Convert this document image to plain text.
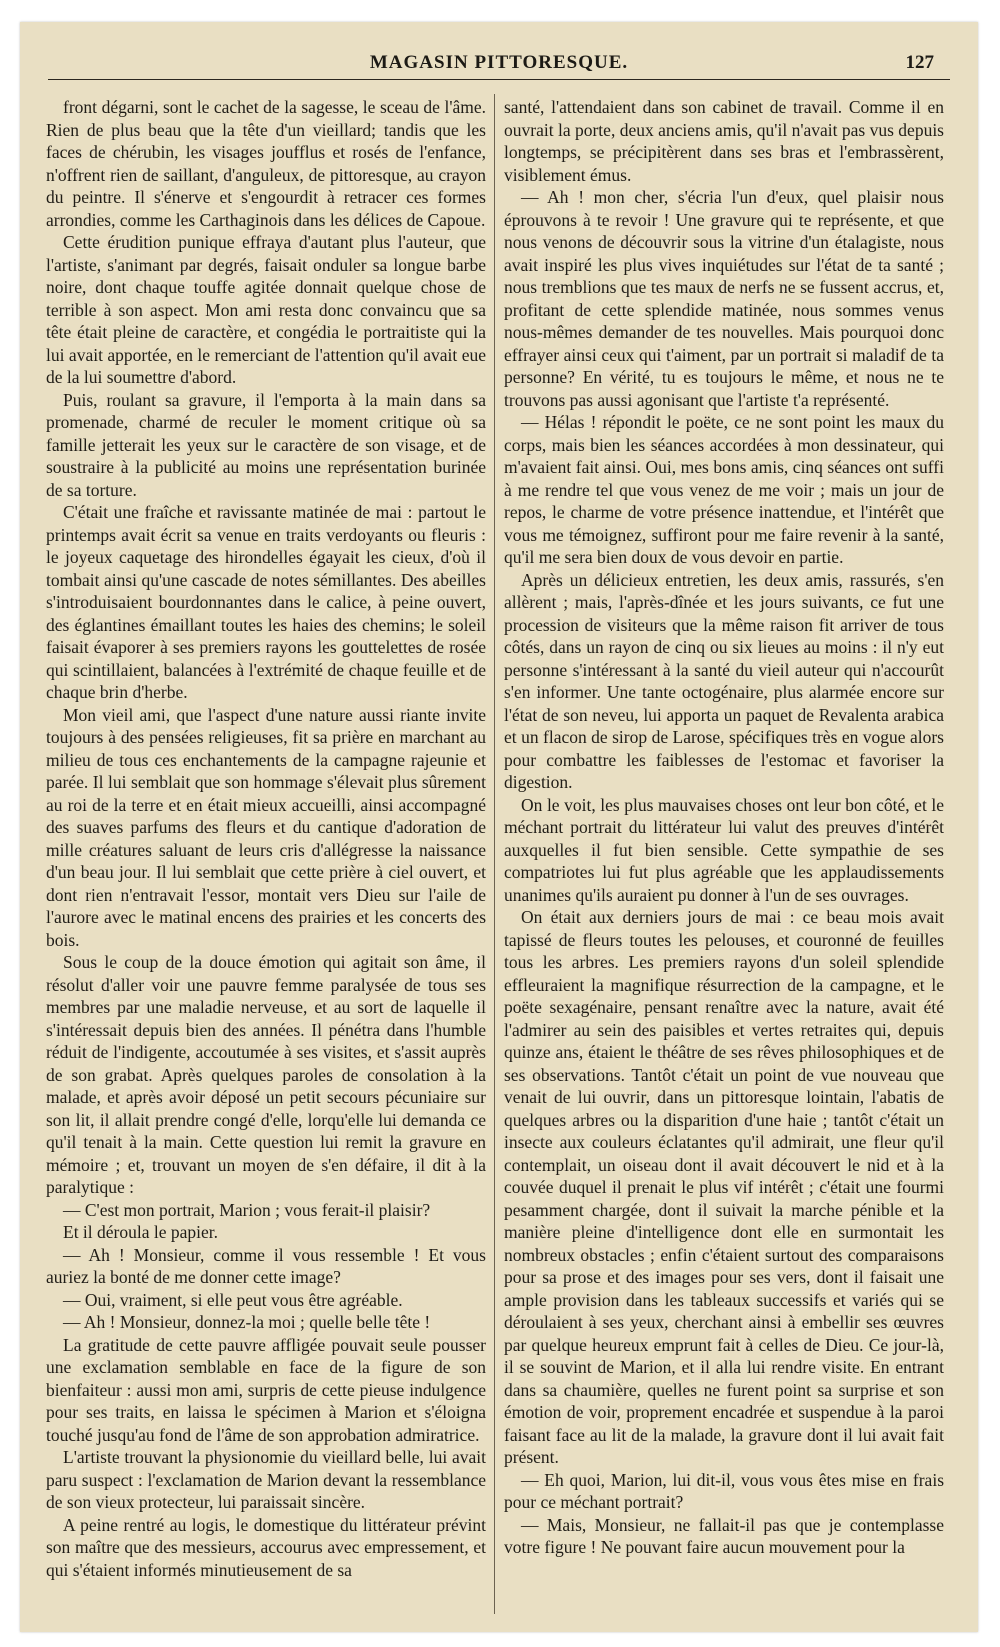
MAGASIN PITTORESQUE.	127

front dégarni, sont le cachet de la sagesse, le sceau de l'âme. Rien de plus beau que la tête d'un vieillard; tandis que les faces de chérubin, les visages joufflus et rosés de l'enfance, n'offrent rien de saillant, d'anguleux, de pittoresque, au crayon du peintre. Il s'énerve et s'engourdit à retracer ces formes arrondies, comme les Carthaginois dans les délices de Capoue.

Cette érudition punique effraya d'autant plus l'auteur, que l'artiste, s'animant par degrés, faisait onduler sa longue barbe noire, dont chaque touffe agitée donnait quelque chose de terrible à son aspect. Mon ami resta donc convaincu que sa tête était pleine de caractère, et congédia le portraitiste qui la lui avait apportée, en le remerciant de l'attention qu'il avait eue de la lui soumettre d'abord.

Puis, roulant sa gravure, il l'emporta à la main dans sa promenade, charmé de reculer le moment critique où sa famille jetterait les yeux sur le caractère de son visage, et de soustraire à la publicité au moins une représentation burinée de sa torture.

C'était une fraîche et ravissante matinée de mai : partout le printemps avait écrit sa venue en traits verdoyants ou fleuris : le joyeux caquetage des hirondelles égayait les cieux, d'où il tombait ainsi qu'une cascade de notes sémillantes. Des abeilles s'introduisaient bourdonnantes dans le calice, à peine ouvert, des églantines émaillant toutes les haies des chemins; le soleil faisait évaporer à ses premiers rayons les gouttelettes de rosée qui scintillaient, balancées à l'extrémité de chaque feuille et de chaque brin d'herbe.

Mon vieil ami, que l'aspect d'une nature aussi riante invite toujours à des pensées religieuses, fit sa prière en marchant au milieu de tous ces enchantements de la campagne rajeunie et parée. Il lui semblait que son hommage s'élevait plus sûrement au roi de la terre et en était mieux accueilli, ainsi accompagné des suaves parfums des fleurs et du cantique d'adoration de mille créatures saluant de leurs cris d'allégresse la naissance d'un beau jour. Il lui semblait que cette prière à ciel ouvert, et dont rien n'entravait l'essor, montait vers Dieu sur l'aile de l'aurore avec le matinal encens des prairies et les concerts des bois.

Sous le coup de la douce émotion qui agitait son âme, il résolut d'aller voir une pauvre femme paralysée de tous ses membres par une maladie nerveuse, et au sort de laquelle il s'intéressait depuis bien des années. Il pénétra dans l'humble réduit de l'indigente, accoutumée à ses visites, et s'assit auprès de son grabat. Après quelques paroles de consolation à la malade, et après avoir déposé un petit secours pécuniaire sur son lit, il allait prendre congé d'elle, lorqu'elle lui demanda ce qu'il tenait à la main. Cette question lui remit la gravure en mémoire ; et, trouvant un moyen de s'en défaire, il dit à la paralytique :

— C'est mon portrait, Marion ; vous ferait-il plaisir?

Et il déroula le papier.

— Ah ! Monsieur, comme il vous ressemble ! Et vous auriez la bonté de me donner cette image?

— Oui, vraiment, si elle peut vous être agréable.

— Ah ! Monsieur, donnez-la moi ; quelle belle tête !

La gratitude de cette pauvre affligée pouvait seule pousser une exclamation semblable en face de la figure de son bienfaiteur : aussi mon ami, surpris de cette pieuse indulgence pour ses traits, en laissa le spécimen à Marion et s'éloigna touché jusqu'au fond de l'âme de son approbation admiratrice.

L'artiste trouvant la physionomie du vieillard belle, lui avait paru suspect : l'exclamation de Marion devant la ressemblance de son vieux protecteur, lui paraissait sincère.

A peine rentré au logis, le domestique du littérateur prévint son maître que des messieurs, accourus avec empressement, et qui s'étaient informés minutieusement de sa

santé, l'attendaient dans son cabinet de travail. Comme il en ouvrait la porte, deux anciens amis, qu'il n'avait pas vus depuis longtemps, se précipitèrent dans ses bras et l'embrassèrent, visiblement émus.

— Ah ! mon cher, s'écria l'un d'eux, quel plaisir nous éprouvons à te revoir ! Une gravure qui te représente, et que nous venons de découvrir sous la vitrine d'un étalagiste, nous avait inspiré les plus vives inquiétudes sur l'état de ta santé ; nous tremblions que tes maux de nerfs ne se fussent accrus, et, profitant de cette splendide matinée, nous sommes venus nous-mêmes demander de tes nouvelles. Mais pourquoi donc effrayer ainsi ceux qui t'aiment, par un portrait si maladif de ta personne? En vérité, tu es toujours le même, et nous ne te trouvons pas aussi agonisant que l'artiste t'a représenté.

— Hélas ! répondit le poëte, ce ne sont point les maux du corps, mais bien les séances accordées à mon dessinateur, qui m'avaient fait ainsi. Oui, mes bons amis, cinq séances ont suffi à me rendre tel que vous venez de me voir ; mais un jour de repos, le charme de votre présence inattendue, et l'intérêt que vous me témoignez, suffiront pour me faire revenir à la santé, qu'il me sera bien doux de vous devoir en partie.

Après un délicieux entretien, les deux amis, rassurés, s'en allèrent ; mais, l'après-dînée et les jours suivants, ce fut une procession de visiteurs que la même raison fit arriver de tous côtés, dans un rayon de cinq ou six lieues au moins : il n'y eut personne s'intéressant à la santé du vieil auteur qui n'accourût s'en informer. Une tante octogénaire, plus alarmée encore sur l'état de son neveu, lui apporta un paquet de Revalenta arabica et un flacon de sirop de Larose, spécifiques très en vogue alors pour combattre les faiblesses de l'estomac et favoriser la digestion.

On le voit, les plus mauvaises choses ont leur bon côté, et le méchant portrait du littérateur lui valut des preuves d'intérêt auxquelles il fut bien sensible. Cette sympathie de ses compatriotes lui fut plus agréable que les applaudissements unanimes qu'ils auraient pu donner à l'un de ses ouvrages.

On était aux derniers jours de mai : ce beau mois avait tapissé de fleurs toutes les pelouses, et couronné de feuilles tous les arbres. Les premiers rayons d'un soleil splendide effleuraient la magnifique résurrection de la campagne, et le poëte sexagénaire, pensant renaître avec la nature, avait été l'admirer au sein des paisibles et vertes retraites qui, depuis quinze ans, étaient le théâtre de ses rêves philosophiques et de ses observations. Tantôt c'était un point de vue nouveau que venait de lui ouvrir, dans un pittoresque lointain, l'abatis de quelques arbres ou la disparition d'une haie ; tantôt c'était un insecte aux couleurs éclatantes qu'il admirait, une fleur qu'il contemplait, un oiseau dont il avait découvert le nid et à la couvée duquel il prenait le plus vif intérêt ; c'était une fourmi pesamment chargée, dont il suivait la marche pénible et la manière pleine d'intelligence dont elle en surmontait les nombreux obstacles ; enfin c'étaient surtout des comparaisons pour sa prose et des images pour ses vers, dont il faisait une ample provision dans les tableaux successifs et variés qui se déroulaient à ses yeux, cherchant ainsi à embellir ses œuvres par quelque heureux emprunt fait à celles de Dieu. Ce jour-là, il se souvint de Marion, et il alla lui rendre visite. En entrant dans sa chaumière, quelles ne furent point sa surprise et son émotion de voir, proprement encadrée et suspendue à la paroi faisant face au lit de la malade, la gravure dont il lui avait fait présent.

— Eh quoi, Marion, lui dit-il, vous vous êtes mise en frais pour ce méchant portrait?

— Mais, Monsieur, ne fallait-il pas que je contemplasse votre figure ! Ne pouvant faire aucun mouvement pour la
